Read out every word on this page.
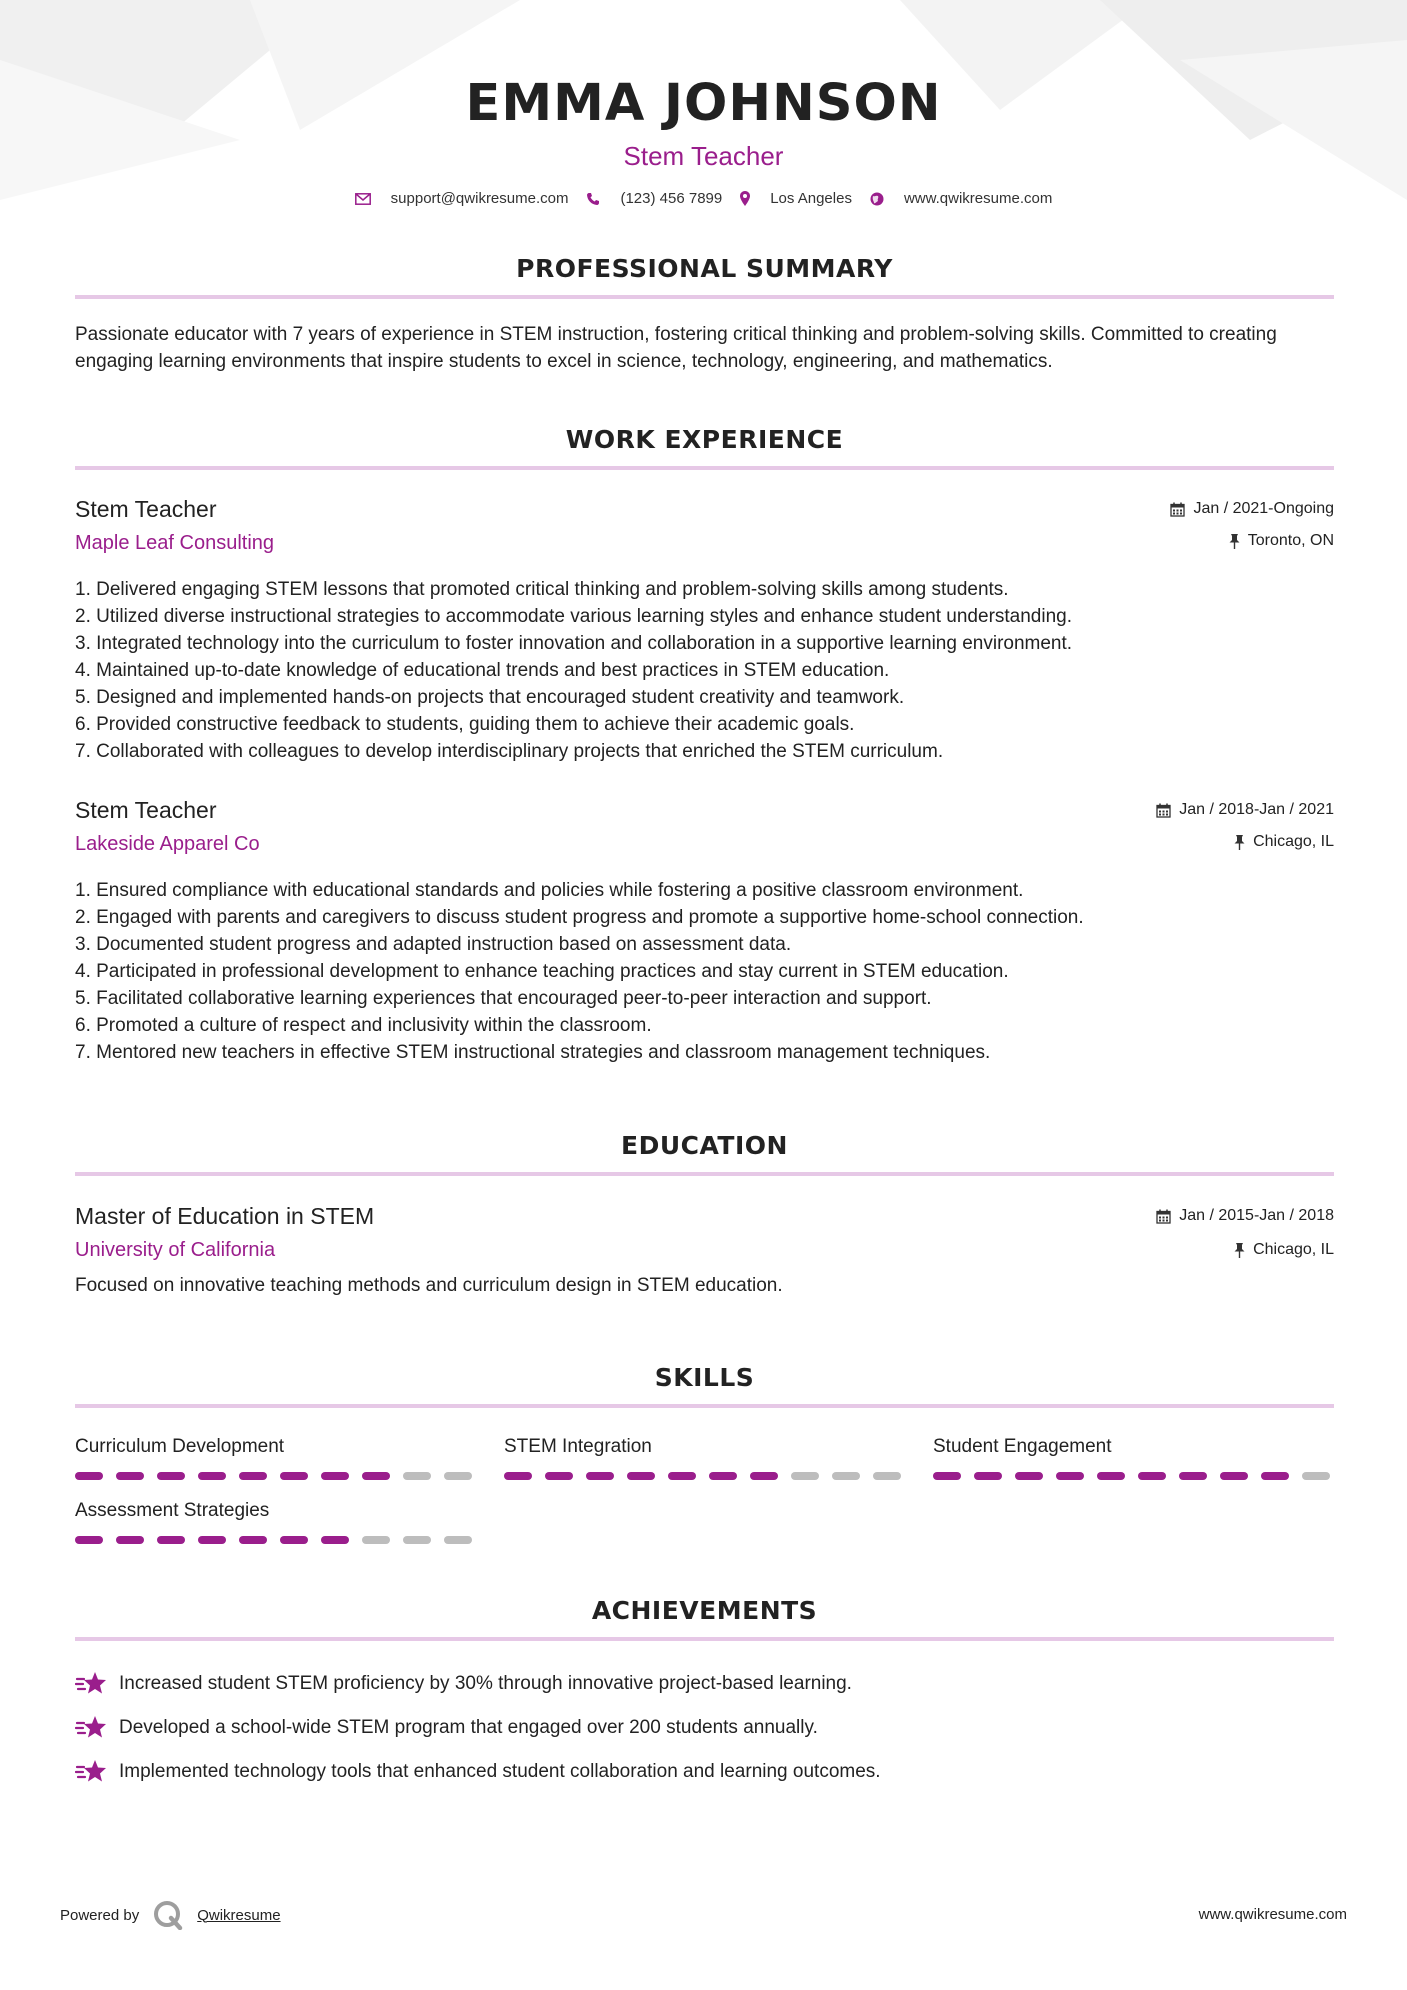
EMMA JOHNSON
Stem Teacher
support@qwikresume.com	(123) 456 7899	Los Angeles	www.qwikresume.com
PROFESSIONAL SUMMARY
Passionate educator with 7 years of experience in STEM instruction, fostering critical thinking and problem-solving skills. Committed to creating engaging learning environments that inspire students to excel in science, technology, engineering, and mathematics.
WORK EXPERIENCE
Stem Teacher
Maple Leaf Consulting
Jan / 2021-Ongoing
Toronto, ON
1. Delivered engaging STEM lessons that promoted critical thinking and problem-solving skills among students.
2. Utilized diverse instructional strategies to accommodate various learning styles and enhance student understanding.
3. Integrated technology into the curriculum to foster innovation and collaboration in a supportive learning environment.
4. Maintained up-to-date knowledge of educational trends and best practices in STEM education.
5. Designed and implemented hands-on projects that encouraged student creativity and teamwork.
6. Provided constructive feedback to students, guiding them to achieve their academic goals.
7. Collaborated with colleagues to develop interdisciplinary projects that enriched the STEM curriculum.
Stem Teacher
Lakeside Apparel Co
Jan / 2018-Jan / 2021
Chicago, IL
1. Ensured compliance with educational standards and policies while fostering a positive classroom environment.
2. Engaged with parents and caregivers to discuss student progress and promote a supportive home-school connection.
3. Documented student progress and adapted instruction based on assessment data.
4. Participated in professional development to enhance teaching practices and stay current in STEM education.
5. Facilitated collaborative learning experiences that encouraged peer-to-peer interaction and support.
6. Promoted a culture of respect and inclusivity within the classroom.
7. Mentored new teachers in effective STEM instructional strategies and classroom management techniques.
EDUCATION
Master of Education in STEM
University of California
Jan / 2015-Jan / 2018
Chicago, IL
Focused on innovative teaching methods and curriculum design in STEM education.
SKILLS
Curriculum Development	STEM Integration	Student Engagement
Assessment Strategies
ACHIEVEMENTS
Increased student STEM proficiency by 30% through innovative project-based learning.
Developed a school-wide STEM program that engaged over 200 students annually.
Implemented technology tools that enhanced student collaboration and learning outcomes.
Powered by	Qwikresume	www.qwikresume.com
